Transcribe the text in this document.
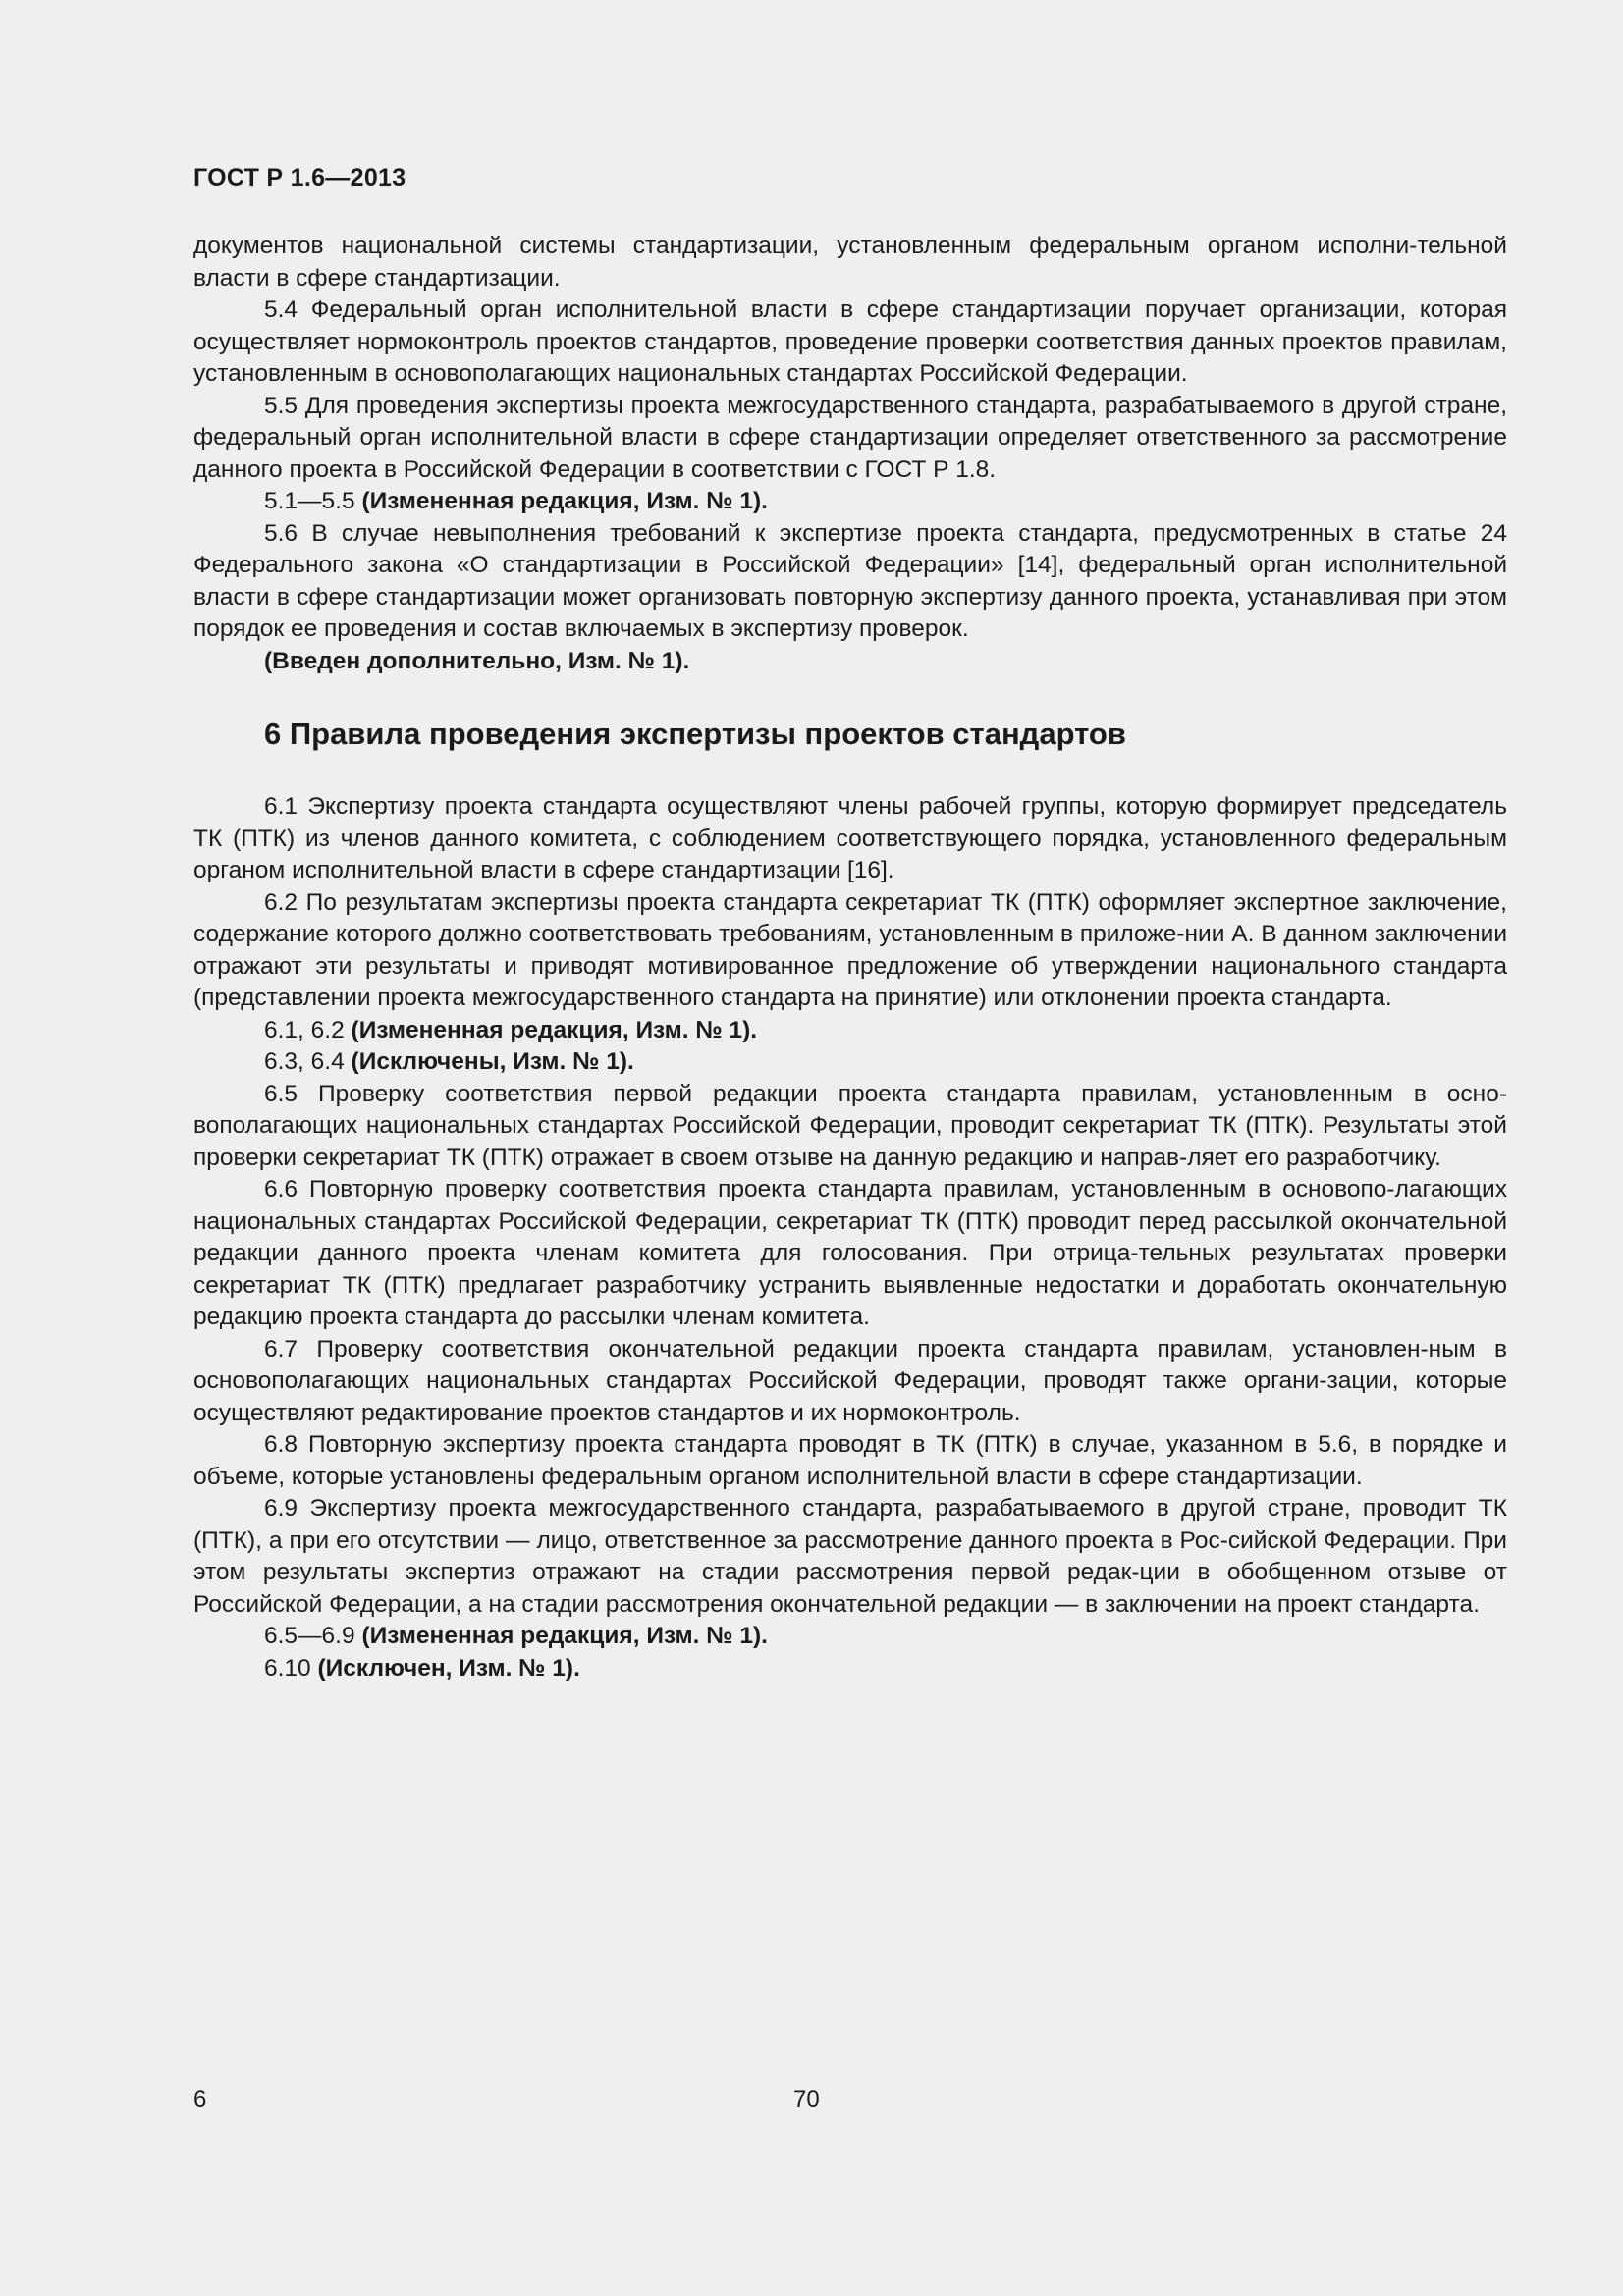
ГОСТ Р 1.6—2013

документов национальной системы стандартизации, установленным федеральным органом исполни-тельной власти в сфере стандартизации.

5.4 Федеральный орган исполнительной власти в сфере стандартизации поручает организации, которая осуществляет нормоконтроль проектов стандартов, проведение проверки соответствия данных проектов правилам, установленным в основополагающих национальных стандартах Российской Федерации.

5.5 Для проведения экспертизы проекта межгосударственного стандарта, разрабатываемого в другой стране, федеральный орган исполнительной власти в сфере стандартизации определяет ответственного за рассмотрение данного проекта в Российской Федерации в соответствии с ГОСТ Р 1.8.

5.1—5.5 (Измененная редакция, Изм. № 1).

5.6 В случае невыполнения требований к экспертизе проекта стандарта, предусмотренных в статье 24 Федерального закона «О стандартизации в Российской Федерации» [14], федеральный орган исполнительной власти в сфере стандартизации может организовать повторную экспертизу данного проекта, устанавливая при этом порядок ее проведения и состав включаемых в экспертизу проверок.

(Введен дополнительно, Изм. № 1).

6 Правила проведения экспертизы проектов стандартов

6.1 Экспертизу проекта стандарта осуществляют члены рабочей группы, которую формирует председатель ТК (ПТК) из членов данного комитета, с соблюдением соответствующего порядка, установленного федеральным органом исполнительной власти в сфере стандартизации [16].

6.2 По результатам экспертизы проекта стандарта секретариат ТК (ПТК) оформляет экспертное заключение, содержание которого должно соответствовать требованиям, установленным в приложе-нии А. В данном заключении отражают эти результаты и приводят мотивированное предложение об утверждении национального стандарта (представлении проекта межгосударственного стандарта на принятие) или отклонении проекта стандарта.

6.1, 6.2 (Измененная редакция, Изм. № 1).

6.3, 6.4 (Исключены, Изм. № 1).

6.5 Проверку соответствия первой редакции проекта стандарта правилам, установленным в осно-вополагающих национальных стандартах Российской Федерации, проводит секретариат ТК (ПТК). Результаты этой проверки секретариат ТК (ПТК) отражает в своем отзыве на данную редакцию и направ-ляет его разработчику.

6.6 Повторную проверку соответствия проекта стандарта правилам, установленным в основопо-лагающих национальных стандартах Российской Федерации, секретариат ТК (ПТК) проводит перед рассылкой окончательной редакции данного проекта членам комитета для голосования. При отрица-тельных результатах проверки секретариат ТК (ПТК) предлагает разработчику устранить выявленные недостатки и доработать окончательную редакцию проекта стандарта до рассылки членам комитета.

6.7 Проверку соответствия окончательной редакции проекта стандарта правилам, установлен-ным в основополагающих национальных стандартах Российской Федерации, проводят также органи-зации, которые осуществляют редактирование проектов стандартов и их нормоконтроль.

6.8 Повторную экспертизу проекта стандарта проводят в ТК (ПТК) в случае, указанном в 5.6, в порядке и объеме, которые установлены федеральным органом исполнительной власти в сфере стандартизации.

6.9 Экспертизу проекта межгосударственного стандарта, разрабатываемого в другой стране, проводит ТК (ПТК), а при его отсутствии — лицо, ответственное за рассмотрение данного проекта в Рос-сийской Федерации. При этом результаты экспертиз отражают на стадии рассмотрения первой редак-ции в обобщенном отзыве от Российской Федерации, а на стадии рассмотрения окончательной редакции — в заключении на проект стандарта.

6.5—6.9 (Измененная редакция, Изм. № 1).

6.10 (Исключен, Изм. № 1).

6	70
